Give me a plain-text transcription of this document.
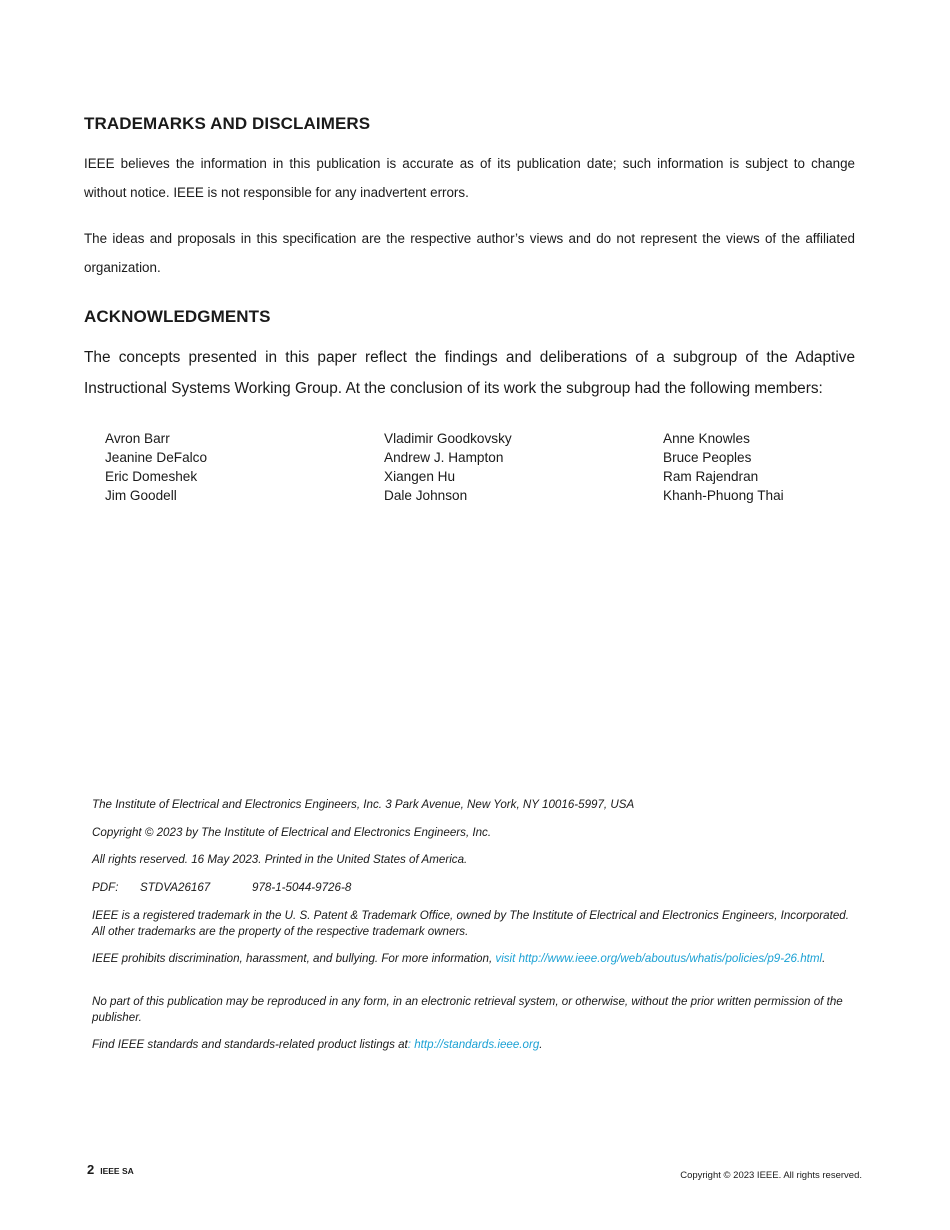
TRADEMARKS AND DISCLAIMERS

IEEE believes the information in this publication is accurate as of its publication date; such information is subject to change without notice. IEEE is not responsible for any inadvertent errors.

The ideas and proposals in this specification are the respective author’s views and do not represent the views of the affiliated organization.

ACKNOWLEDGMENTS

The concepts presented in this paper reflect the findings and deliberations of a subgroup of the Adaptive Instructional Systems Working Group. At the conclusion of its work the subgroup had the following members:

Avron Barr
Jeanine DeFalco
Eric Domeshek
Jim Goodell
Vladimir Goodkovsky
Andrew J. Hampton
Xiangen Hu
Dale Johnson
Anne Knowles
Bruce Peoples
Ram Rajendran
Khanh-Phuong Thai
The Institute of Electrical and Electronics Engineers, Inc. 3 Park Avenue, New York, NY 10016-5997, USA
Copyright © 2023 by The Institute of Electrical and Electronics Engineers, Inc.
All rights reserved. 16 May 2023. Printed in the United States of America.
PDF: STDVA26167	978-1-5044-9726-8
IEEE is a registered trademark in the U. S. Patent & Trademark Office, owned by The Institute of Electrical and Electronics Engineers, Incorporated. All other trademarks are the property of the respective trademark owners.
IEEE prohibits discrimination, harassment, and bullying. For more information, visit http://www.ieee.org/web/aboutus/whatis/policies/p9-26.html.
No part of this publication may be reproduced in any form, in an electronic retrieval system, or otherwise, without the prior written permission of the publisher.
Find IEEE standards and standards-related product listings at: http://standards.ieee.org.
2 IEEE SA	Copyright © 2023 IEEE. All rights reserved.
